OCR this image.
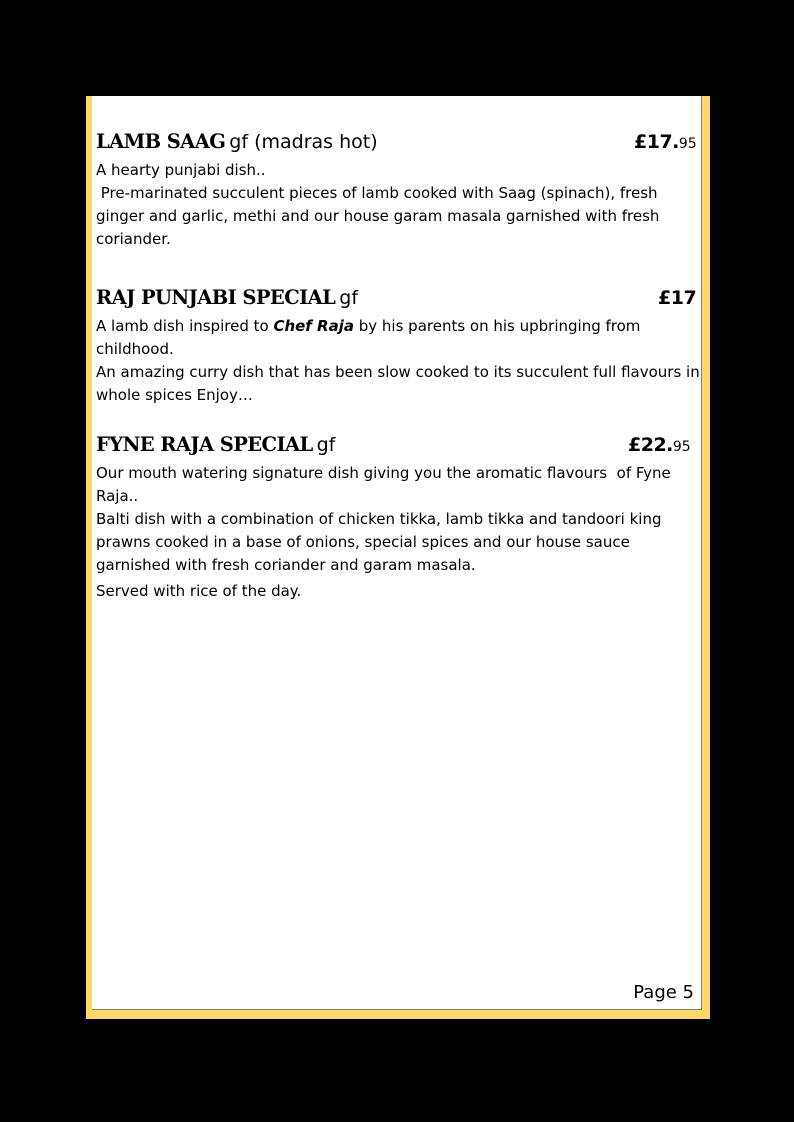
LAMB SAAG gf (madras hot)	£17.95

A hearty punjabi dish..

Pre-marinated succulent pieces of lamb cooked with Saag (spinach), fresh

ginger and garlic, methi and our house garam masala garnished with fresh

coriander.

RAJ PUNJABI SPECIAL gf	£17

A lamb dish inspired to Chef Raja by his parents on his upbringing from

childhood.

An amazing curry dish that has been slow cooked to its succulent full flavours in

whole spices Enjoy…

FYNE RAJA SPECIAL gf	£22.95

Our mouth watering signature dish giving you the aromatic flavours  of Fyne

Raja..

Balti dish with a combination of chicken tikka, lamb tikka and tandoori king

prawns cooked in a base of onions, special spices and our house sauce

garnished with fresh coriander and garam masala.

Served with rice of the day.

Page 5
